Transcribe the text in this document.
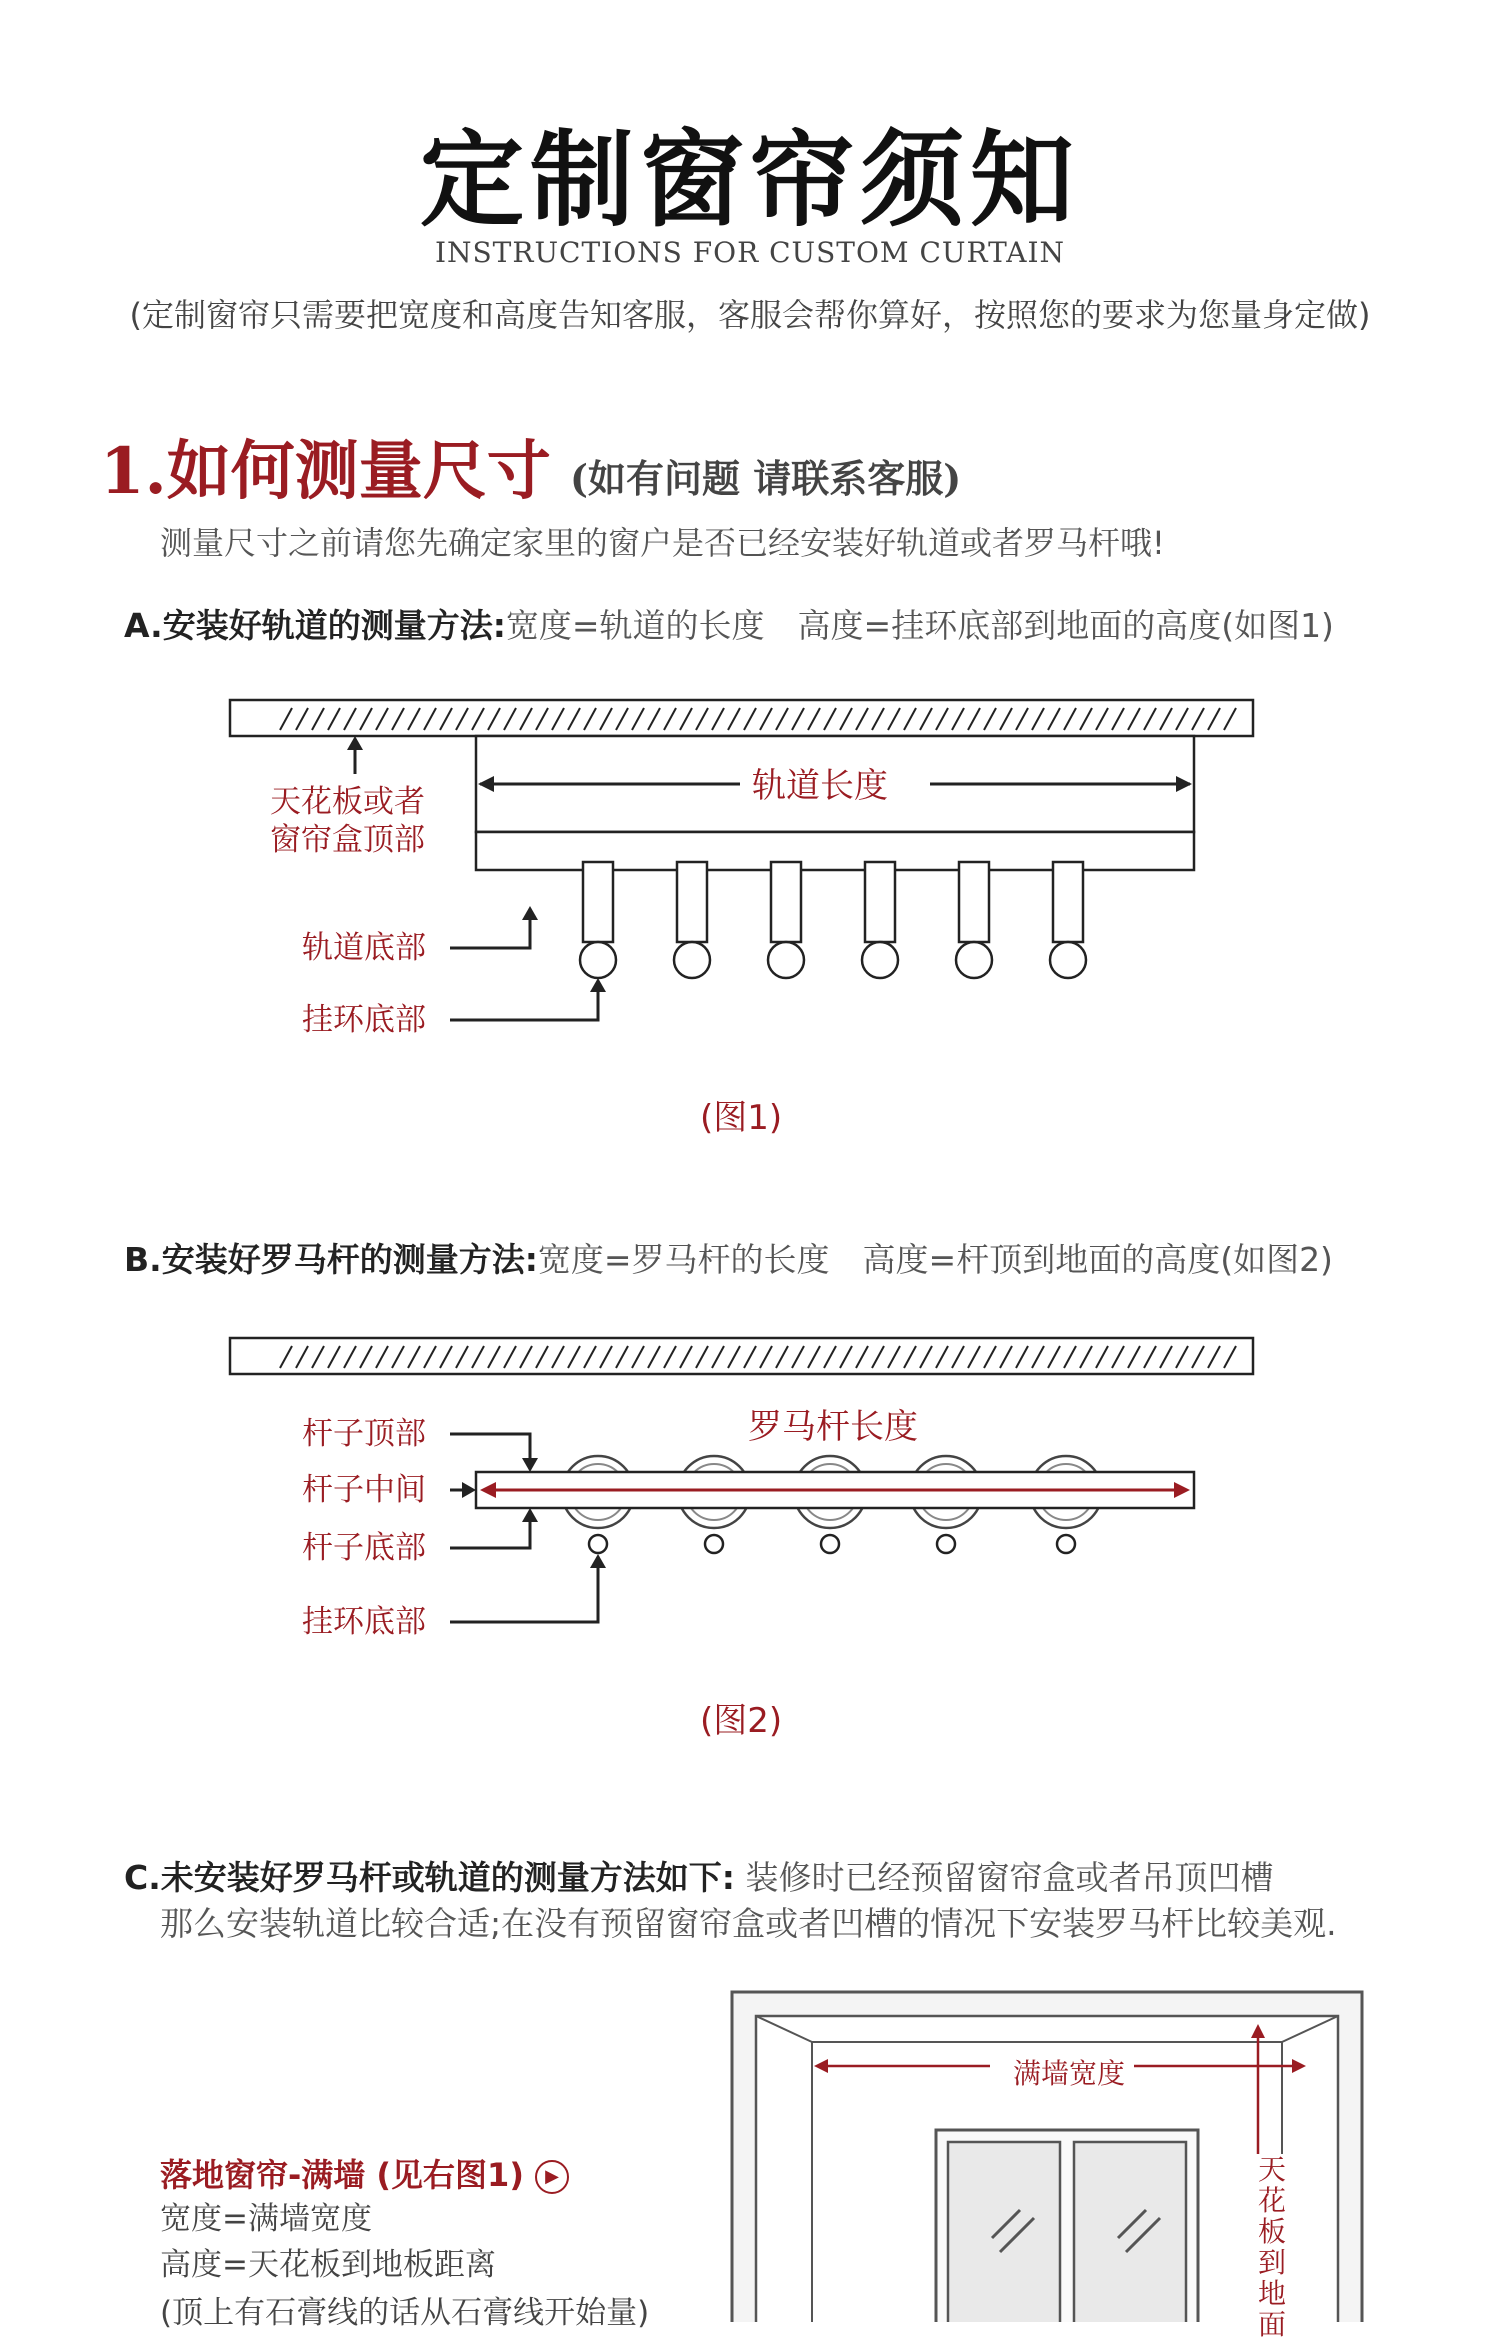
定制窗帘须知
INSTRUCTIONS FOR CUSTOM CURTAIN
(定制窗帘只需要把宽度和高度告知客服，客服会帮你算好，按照您的要求为您量身定做)
1.如何测量尺寸 (如有问题 请联系客服)
测量尺寸之前请您先确定家里的窗户是否已经安装好轨道或者罗马杆哦!
A.安装好轨道的测量方法:宽度=轨道的长度　高度=挂环底部到地面的高度(如图1)
轨道长度
天花板或者
窗帘盒顶部
轨道底部
挂环底部
(图1)
B.安装好罗马杆的测量方法:宽度=罗马杆的长度　高度=杆顶到地面的高度(如图2)
罗马杆长度
杆子顶部
杆子中间
杆子底部
挂环底部
(图2)
C.未安装好罗马杆或轨道的测量方法如下: 装修时已经预留窗帘盒或者吊顶凹槽
那么安装轨道比较合适;在没有预留窗帘盒或者凹槽的情况下安装罗马杆比较美观.
落地窗帘-满墙 (见右图1) ▶
宽度=满墙宽度
高度=天花板到地板距离
(顶上有石膏线的话从石膏线开始量)
满墙宽度
天花板到地面
